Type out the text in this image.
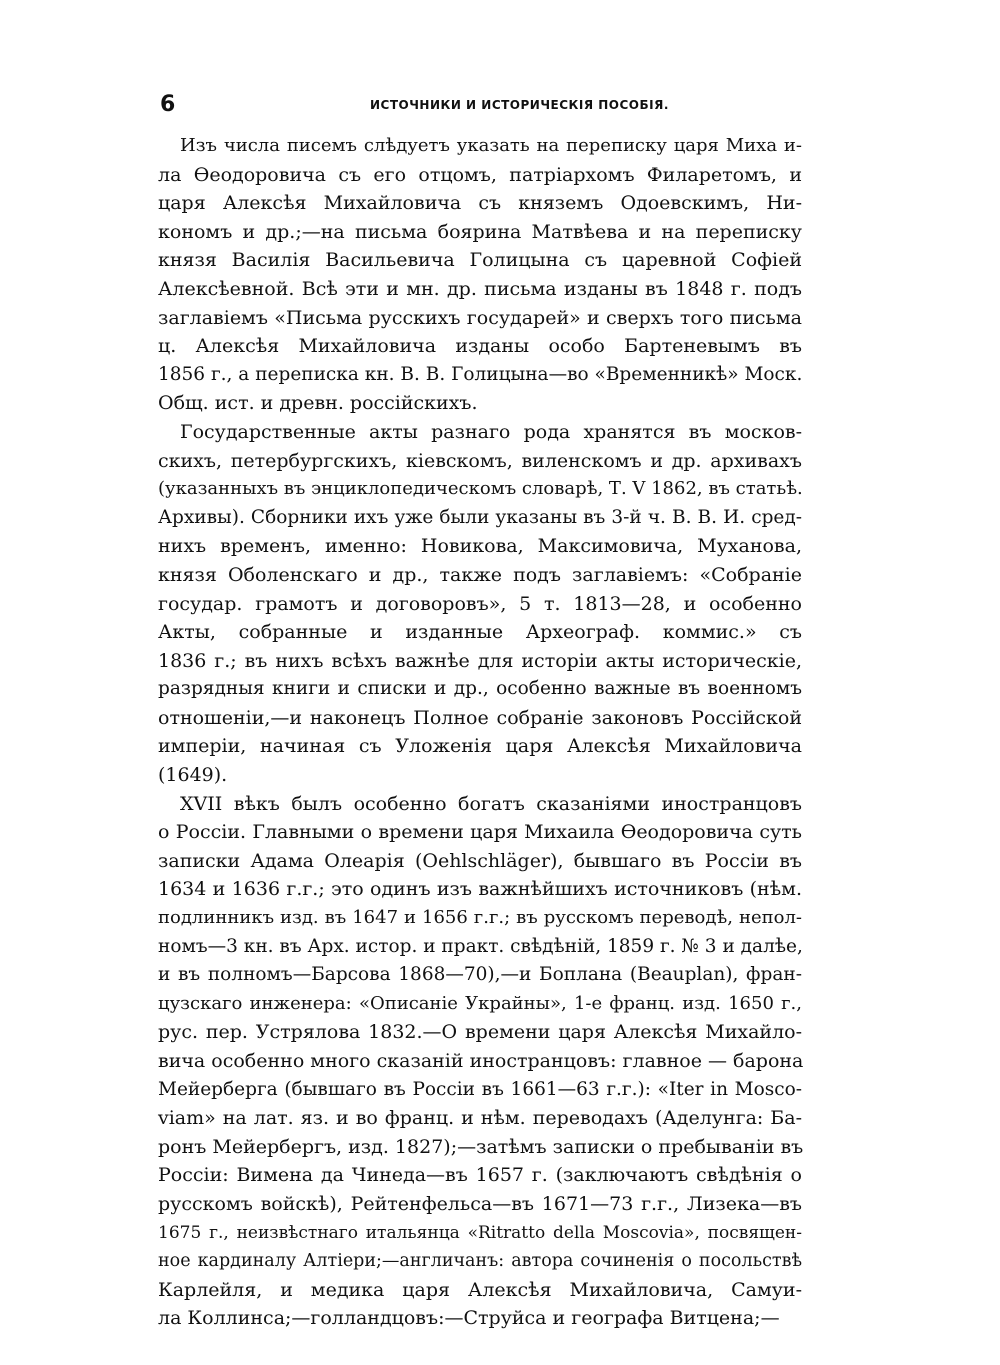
6	ИСТОЧНИКИ И ИСТОРИЧЕСКІЯ ПОСОБІЯ.
Изъ числа писемъ слѣдуетъ указать на переписку царя Миха и-
ла Өеодоровича съ его отцомъ, патріархомъ Филаретомъ, и
царя Алексѣя Михайловича съ княземъ Одоевскимъ, Ни-
кономъ и др.;—на письма боярина Матвѣева и на переписку
князя Василія Васильевича Голицына съ царевной Софіей
Алексѣевной. Всѣ эти и мн. др. письма изданы въ 1848 г. подъ
заглавіемъ «Письма русскихъ государей» и сверхъ того письма
ц. Алексѣя Михайловича изданы особо Бартеневымъ въ
1856 г., а переписка кн. В. В. Голицына—во «Временникѣ» Моск.
Общ. ист. и древн. россійскихъ.
Государственные акты разнаго рода хранятся въ москов-
скихъ, петербургскихъ, кіевскомъ, виленскомъ и др. архивахъ
(указанныхъ въ энциклопедическомъ словарѣ, Т. V 1862, въ статьѣ.
Архивы). Сборники ихъ уже были указаны въ 3-й ч. В. В. И. сред-
нихъ временъ, именно: Новикова, Максимовича, Муханова,
князя Оболенскаго и др., также подъ заглавіемъ: «Собраніе
государ. грамотъ и договоровъ», 5 т. 1813—28, и особенно
Акты, собранные и изданные Археограф. коммис.» съ
1836 г.; въ нихъ всѣхъ важнѣе для исторіи акты историческіе,
разрядныя книги и списки и др., особенно важные въ военномъ
отношеніи,—и наконецъ Полное собраніе законовъ Россійской
имперіи, начиная съ Уложенія царя Алексѣя Михайловича
(1649).
XVII вѣкъ былъ особенно богатъ сказаніями иностранцовъ
о Россіи. Главными о времени царя Михаила Өеодоровича суть
записки Адама Олеарія (Oehlschläger), бывшаго въ Россіи въ
1634 и 1636 г.г.; это одинъ изъ важнѣйшихъ источниковъ (нѣм.
подлинникъ изд. въ 1647 и 1656 г.г.; въ русскомъ переводѣ, непол-
номъ—3 кн. въ Арх. истор. и практ. свѣдѣній, 1859 г. № 3 и далѣе,
и въ полномъ—Барсова 1868—70),—и Боплана (Beauplan), фран-
цузскаго инженера: «Описаніе Украйны», 1-е франц. изд. 1650 г.,
рус. пер. Устрялова 1832.—О времени царя Алексѣя Михайло-
вича особенно много сказаній иностранцовъ: главное — барона
Мейерберга (бывшаго въ Россіи въ 1661—63 г.г.): «Iter in Mosco-
viam» на лат. яз. и во франц. и нѣм. переводахъ (Аделунга: Ба-
ронъ Мейербергъ, изд. 1827);—затѣмъ записки о пребываніи въ
Россіи: Вимена да Чинеда—въ 1657 г. (заключаютъ свѣдѣнія о
русскомъ войскѣ), Рейтенфельса—въ 1671—73 г.г., Лизека—въ
1675 г., неизвѣстнаго итальянца «Ritratto della Moscovia», посвящен-
ное кардиналу Алтіери;—англичанъ: автора сочиненія о посольствѣ
Карлейля, и медика царя Алексѣя Михайловича, Самуи-
ла Коллинса;—голландцовъ:—Струйса и географа Витцена;—
